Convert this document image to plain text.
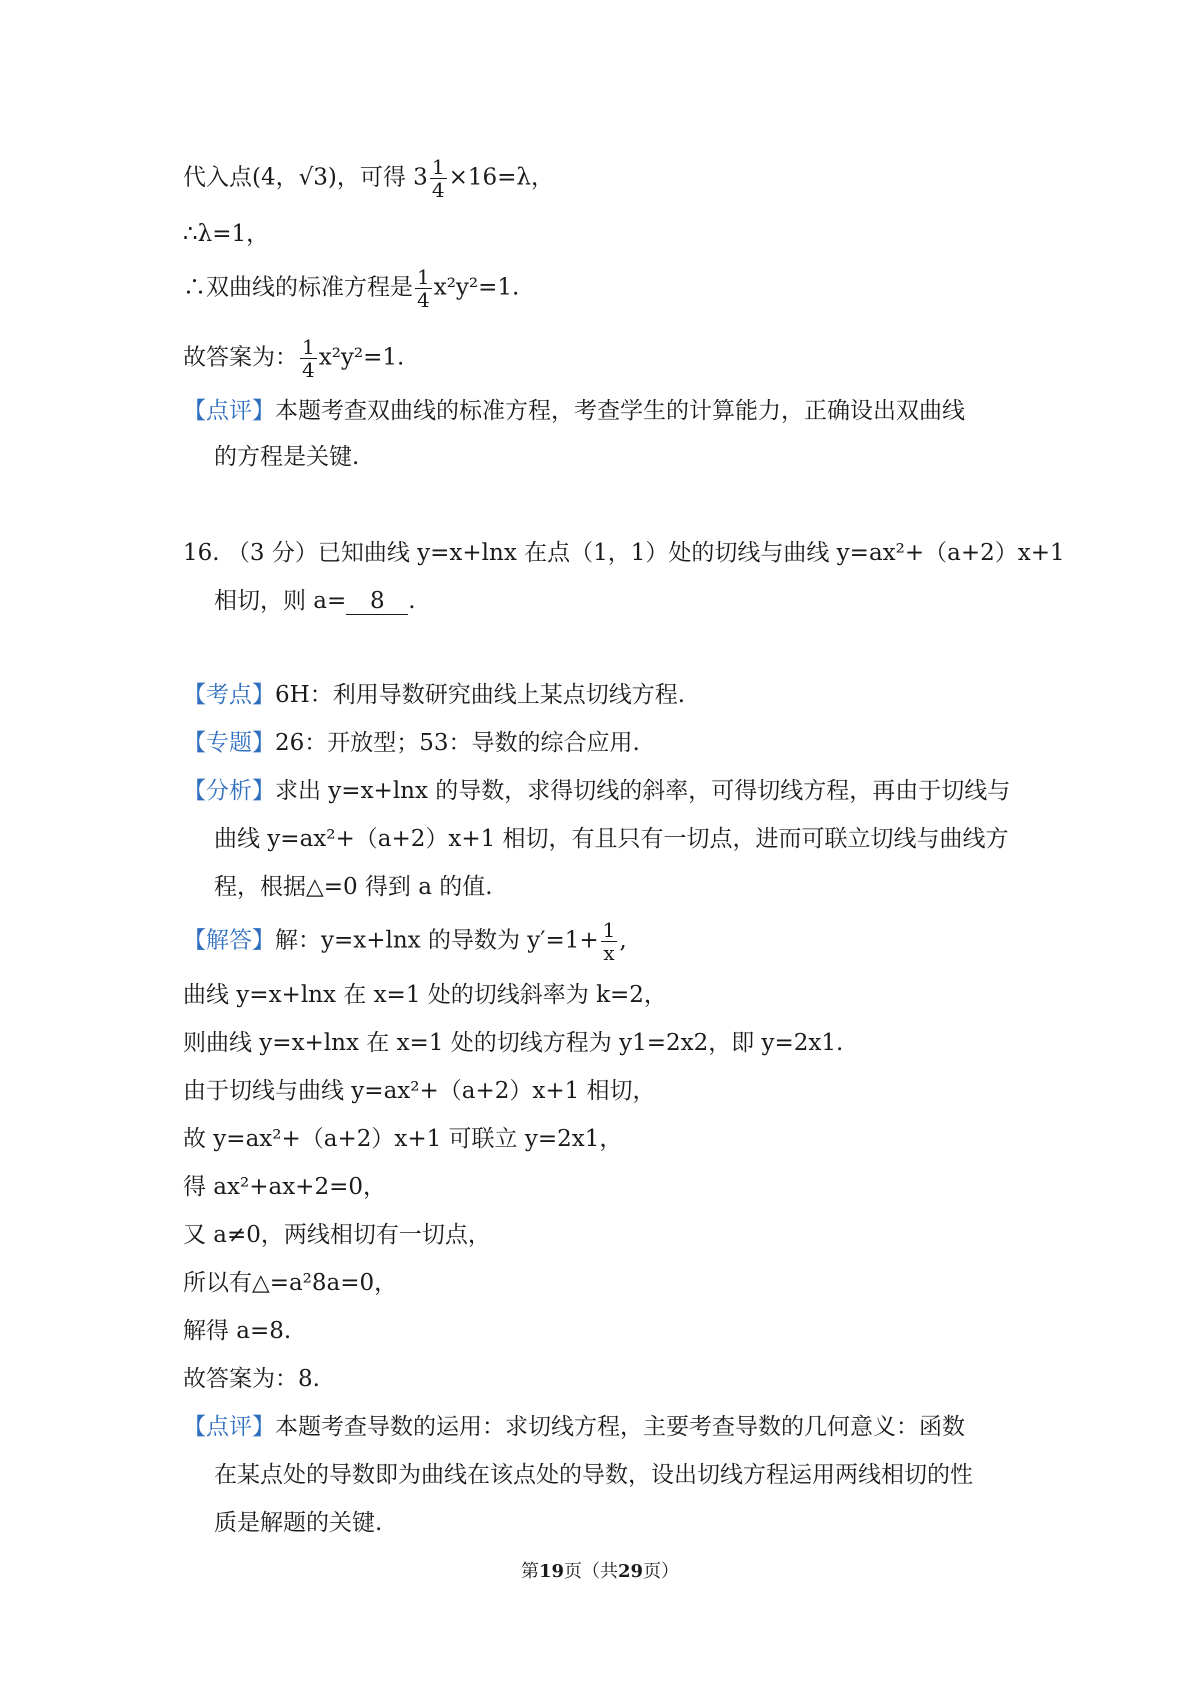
代入点(4，√3)，可得 $3 \frac{1}{4} \times 16=\lambda$，
∴λ=1，
∴双曲线的标准方程是 $\frac{1}{4} x^2y^2=1$.
故答案为： $\frac{1}{4} x^2y^2=1$.
【点评】本题考查双曲线的标准方程，考查学生的计算能力，正确设出双曲线
的方程是关键.
16. （3 分）已知曲线 y=x+lnx 在点（1，1）处的切线与曲线 y=ax²+（a+2）x+1
相切，则 a= 8 .
【考点】6H：利用导数研究曲线上某点切线方程.
【专题】26：开放型；53：导数的综合应用.
【分析】求出 y=x+lnx 的导数，求得切线的斜率，可得切线方程，再由于切线与
曲线 y=ax²+（a+2）x+1 相切，有且只有一切点，进而可联立切线与曲线方
程，根据△=0 得到 a 的值.
【解答】解：y=x+lnx 的导数为 $y'=1+ \frac{1}{x}$ ,
曲线 y=x+lnx 在 x=1 处的切线斜率为 k=2，
则曲线 y=x+lnx 在 x=1 处的切线方程为 y1=2x2，即 y=2x1.
由于切线与曲线 y=ax²+（a+2）x+1 相切，
故 y=ax²+（a+2）x+1 可联立 y=2x1，
得 ax²+ax+2=0，
又 a≠0，两线相切有一切点，
所以有△=a²8a=0，
解得 a=8.
故答案为：8.
【点评】本题考查导数的运用：求切线方程，主要考查导数的几何意义：函数
在某点处的导数即为曲线在该点处的导数，设出切线方程运用两线相切的性
质是解题的关键.
第19页（共29页）
